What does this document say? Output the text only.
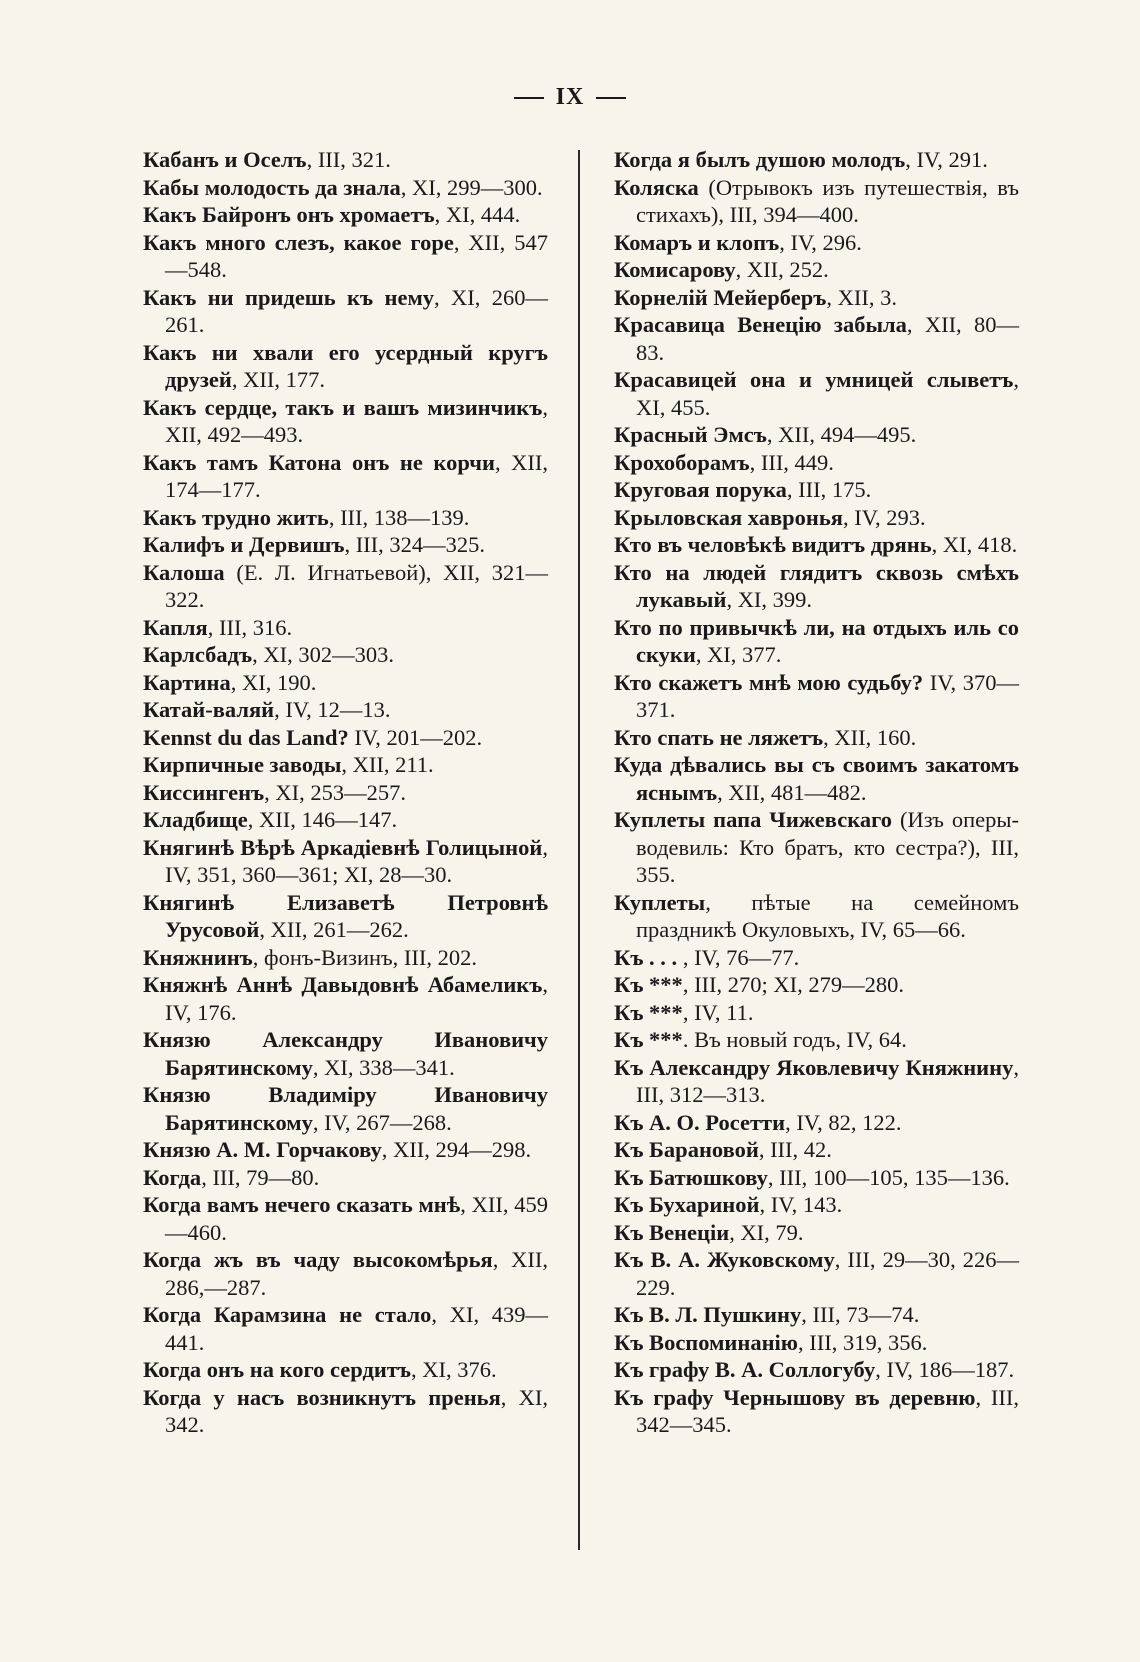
IX
Кабанъ и Оселъ, III, 321.
Кабы молодость да знала, XI, 299—300.
Какъ Байронъ онъ хромаетъ, XI, 444.
Какъ много слезъ, какое горе, XII, 547—548.
Какъ ни придешь къ нему, XI, 260—261.
Какъ ни хвали его усердный кругъ друзей, XII, 177.
Какъ сердце, такъ и вашъ мизинчикъ, XII, 492—493.
Какъ тамъ Катона онъ не корчи, XII, 174—177.
Какъ трудно жить, III, 138—139.
Калифъ и Дервишъ, III, 324—325.
Калоша (Е. Л. Игнатьевой), XII, 321—322.
Капля, III, 316.
Карлсбадъ, XI, 302—303.
Картина, XI, 190.
Катай-валяй, IV, 12—13.
Kennst du das Land? IV, 201—202.
Кирпичные заводы, XII, 211.
Киссингенъ, XI, 253—257.
Кладбище, XII, 146—147.
Княгинѣ Вѣрѣ Аркадіевнѣ Голицыной, IV, 351, 360—361; XI, 28—30.
Княгинѣ Елизаветѣ Петровнѣ Урусовой, XII, 261—262.
Княжнинъ, фонъ-Визинъ, III, 202.
Княжнѣ Аннѣ Давыдовнѣ Абамеликъ, IV, 176.
Князю Александру Ивановичу Барятинскому, XI, 338—341.
Князю Владиміру Ивановичу Барятинскому, IV, 267—268.
Князю А. М. Горчакову, XII, 294—298.
Когда, III, 79—80.
Когда вамъ нечего сказать мнѣ, XII, 459—460.
Когда жъ въ чаду высокомѣрья, XII, 286,—287.
Когда Карамзина не стало, XI, 439—441.
Когда онъ на кого сердитъ, XI, 376.
Когда у насъ возникнутъ пренья, XI, 342.
Когда я былъ душою молодъ, IV, 291.
Коляска (Отрывокъ изъ путешествія, въ стихахъ), III, 394—400.
Комаръ и клопъ, IV, 296.
Комисарову, XII, 252.
Корнелій Мейерберъ, XII, 3.
Красавица Венецію забыла, XII, 80—83.
Красавицей она и умницей слыветъ, XI, 455.
Красный Эмсъ, XII, 494—495.
Крохоборамъ, III, 449.
Круговая порука, III, 175.
Крыловская хавронья, IV, 293.
Кто въ человѣкѣ видитъ дрянь, XI, 418.
Кто на людей глядитъ сквозь смѣхъ лукавый, XI, 399.
Кто по привычкѣ ли, на отдыхъ иль со скуки, XI, 377.
Кто скажетъ мнѣ мою судьбу? IV, 370—371.
Кто спать не ляжетъ, XII, 160.
Куда дѣвались вы съ своимъ закатомъ яснымъ, XII, 481—482.
Куплеты папа Чижевскаго (Изъ оперы-водевиль: Кто братъ, кто сестра?), III, 355.
Куплеты, пѣтые на семейномъ праздникѣ Окуловыхъ, IV, 65—66.
Къ . . . , IV, 76—77.
Къ ***, III, 270; XI, 279—280.
Къ ***, IV, 11.
Къ ***. Въ новый годъ, IV, 64.
Къ Александру Яковлевичу Княжнину, III, 312—313.
Къ А. О. Росетти, IV, 82, 122.
Къ Барановой, III, 42.
Къ Батюшкову, III, 100—105, 135—136.
Къ Бухариной, IV, 143.
Къ Венеціи, XI, 79.
Къ В. А. Жуковскому, III, 29—30, 226—229.
Къ В. Л. Пушкину, III, 73—74.
Къ Воспоминанію, III, 319, 356.
Къ графу В. А. Соллогубу, IV, 186—187.
Къ графу Чернышову въ деревню, III, 342—345.
